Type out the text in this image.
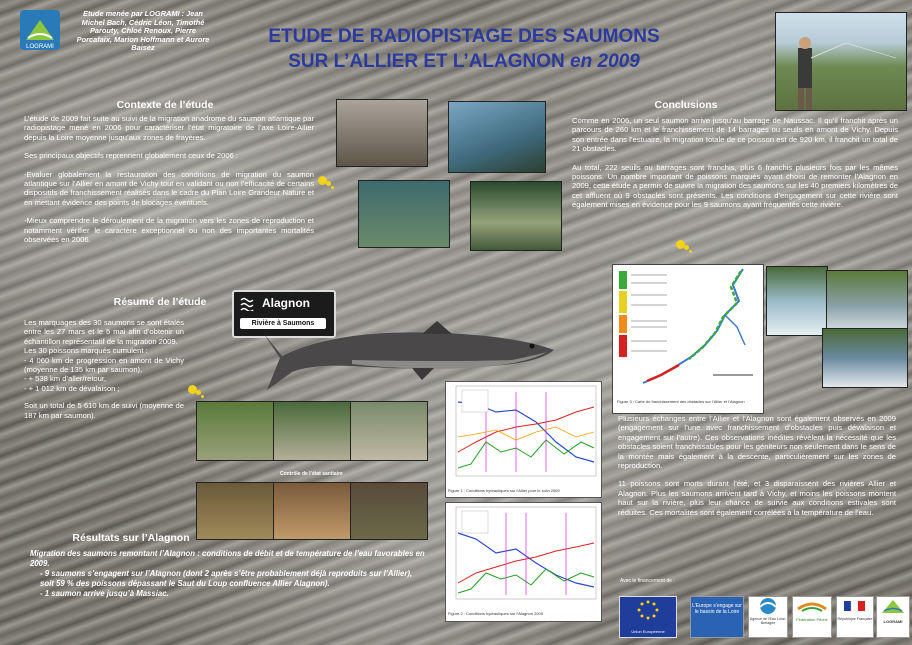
LOGRAMI
Etude menée par LOGRAMI : Jean Michel Bach, Cédric Léon, Timothé Parouty, Chloé Renoux, Pierre Porcafaix, Marion Hoffmann et Aurore Baisez
ETUDE DE RADIOPISTAGE DES SAUMONS
SUR L’ALLIER ET L’ALAGNON en 2009
Contexte de l’étude
L’étude de 2009 fait suite au suivi de la migration anadrome du saumon atlantique par radiopistage mené en 2006 pour caractériser l’état migratoire de l’axe Loire-Allier depuis la Loire moyenne jusqu’aux zones de frayères.
Ses principaux objectifs reprennent globalement ceux de 2006 :
-Evaluer globalement la restauration des conditions de migration du saumon atlantique sur l’Allier en amont de Vichy tout en validant ou non l’efficacité de certains dispositifs de franchissement réalisés dans le cadre du Plan Loire Grandeur Nature et en mettant évidence des points de blocages éventuels.
-Mieux comprendre le déroulement de la migration vers les zones de reproduction et notamment vérifier le caractère exceptionnel ou non des importantes mortalités observées en 2006.
Résumé de l’étude
Les marquages des 30 saumons se sont étalés entre les 27 mars et le 5 mai afin d’obtenir un échantillon représentatif de la migration 2009.
Les 30 poissons marqués cumulent :
- 4 060 km de progression en amont de Vichy (moyenne de 135 km par saumon),
- + 538 km d’aller/retour,
- + 1 012 km de dévalaison ;
Soit un total de 5 610 km de suivi (moyenne de 187 km par saumon).
Alagnon
Rivière à Saumons
Contrôle de l’état sanitaire
Résultats sur l’Alagnon
Migration des saumons remontant l’Alagnon : conditions de débit et de température de l’eau favorables en 2009.
- 9 saumons s’engagent sur l’Alagnon (dont 2 après s’être probablement déjà reproduits sur l’Allier), soit 59 % des poissons dépassant le Saut du Loup confluence Allier Alagnon).
- 1 saumon arrive jusqu’à Massiac.
Figure 1 : Conditions hydrauliques sur l’Allier pour le suivi 2009
Figure 2 : Conditions hydrauliques sur l’Alagnon 2009
Conclusions
Comme en 2006, un seul saumon arrive jusqu’au barrage de Naussac. Il qu’il franchit après un parcours de 260 km et le franchissement de 14 barrages ou seuils en amont de Vichy. Depuis son entrée dans l’estuaire, la migration totale de ce poisson est de 920 km, il franchit un total de 21 obstacles.
Au total, 222 seuils ou barrages sont franchis, plus 6 franchis plusieurs fois par les mêmes poissons. Un nombre important de poissons marqués ayant choisi de remonter l’Alagnon en 2009, cette étude a permis de suivre la migration des saumons sur les 40 premiers kilomètres de cet affluent où 9 obstacles sont présents. Les conditions d’engagement sur cette rivière sont également mises en évidence pour les 9 saumons ayant fréquentés cette rivière.
Figure 3 : Carte du franchissement des obstacles sur l’Allier et l’Alagnon
Plusieurs échanges entre l’Allier et l’Alagnon sont également observés en 2009 (engagement sur l’une avec franchissement d’obstacles puis dévalaison et engagement sur l’autre). Ces observations inédites révèlent la nécessité que les obstacles soient franchissables pour les géniteurs non seulement dans le sens de la montée mais également à la descente, particulièrement sur les zones de reproduction.
11 poissons sont morts durant l’été, et 3 disparaissent des rivières Allier et Alagnon. Plus les saumons arrivent tard à Vichy, et moins les poissons montent haut sur la rivière, plus leur chance de survie aux conditions estivales sont réduites. Ces mortalités sont également corrélées à la température de l’eau.
Avec le financement de :
Union Européenne
L’Europe s’engage sur le bassin de la Loire
Agence de l’Eau Loire-Bretagne
Fédération Pêche	République Française	LOGRAMI
